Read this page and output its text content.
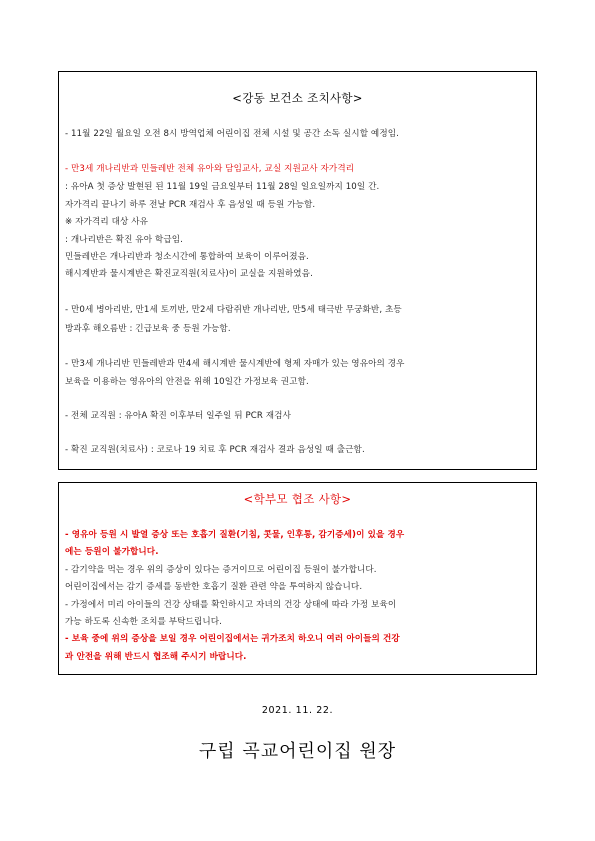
<강동 보건소 조치사항>
- 11월 22일 월요일 오전 8시 방역업체 어린이집 전체 시설 및 공간 소독 실시할 예정임.
- 만3세 개나리반과 민들레반 전체 유아와 담임교사, 교실 지원교사 자가격리
: 유아A 첫 증상 발현된 된 11월 19일 금요일부터 11월 28일 일요일까지 10일 간.
자가격리 끝나기 하루 전날 PCR 재검사 후 음성일 때 등원 가능함.
※ 자가격리 대상 사유
: 개나리반은 확진 유아 학급임.
민들레반은 개나리반과 청소시간에 통합하여 보육이 이루어졌음.
해시계반과 물시계반은 확진교직원(치료사)이 교실을 지원하였음.
- 만0세 병아리반, 만1세 토끼반, 만2세 다람쥐반 개나리반, 만5세 태극반 무궁화반, 초등
방과후 해오름반 : 긴급보육 중 등원 가능함.
- 만3세 개나리반 민들레반과 만4세 해시계반 물시계반에 형제 자매가 있는 영유아의 경우
보육을 이용하는 영유아의 안전을 위해 10일간 가정보육 권고함.
- 전체 교직원 : 유아A 확진 이후부터 일주일 뒤 PCR 재검사
- 확진 교직원(치료사) : 코로나 19 치료 후 PCR 재검사 결과 음성일 때 출근함.
<학부모 협조 사항>
- 영유아 등원 시 발열 증상 또는 호흡기 질환(기침, 콧물, 인후통, 감기증세)이 있을 경우
에는 등원이 불가합니다.
- 감기약을 먹는 경우 위의 증상이 있다는 증거이므로 어린이집 등원이 불가합니다.
어린이집에서는 감기 증세를 동반한 호흡기 질환 관련 약을 투여하지 않습니다.
- 가정에서 미리 아이들의 건강 상태를 확인하시고 자녀의 건강 상태에 따라 가정 보육이
가능 하도록 신속한 조치를 부탁드립니다.
- 보육 중에 위의 증상을 보일 경우 어린이집에서는 귀가조치 하오니 여러 아이들의 건강
과 안전을 위해 반드시 협조해 주시기 바랍니다.
2021. 11. 22.
구립 곡교어린이집 원장
